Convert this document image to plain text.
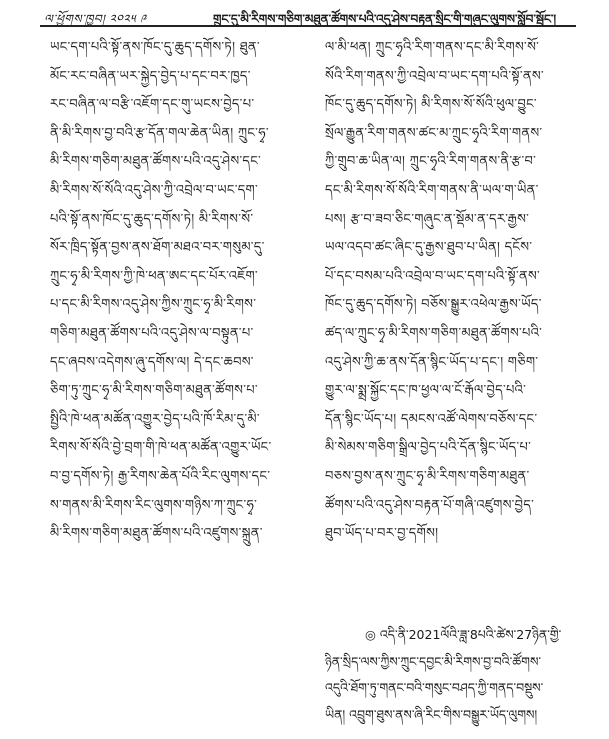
ལ་ཕྱོགས་ཁྱབ། ༢༠༢༥ ༩	གྲུང་དུ་མི་རིགས་གཅིག་མཐུན་ཚོགས་པའི་འདུ་ཤེས་བརྟན་སྲིང་གི་གཞུང་ལུགས་སློབ་སྦྱོང་།
ཡང་དག་པའི་སྟོ་ནས་ཁོང་དུ་ཆུད་དགོས་ཏེ། ཐུན་
མོང་རང་བཞིན་ཡར་སྐྱེད་བྱེད་པ་དང་བར་ཁྱད་
རང་བཞིན་ལ་བརྩི་འཇོག་དང་གུ་ཡངས་བྱེད་པ་
ནི་མི་རིགས་བྱ་བའི་རྩ་དོན་གལ་ཆེན་ཡིན། ཀྲུང་ཧྭ་
མི་རིགས་གཅིག་མཐུན་ཚོགས་པའི་འདུ་ཤེས་དང་
མི་རིགས་སོ་སོའི་འདུ་ཤེས་ཀྱི་འབྲེལ་བ་ཡང་དག་
པའི་སྟོ་ནས་ཁོང་དུ་ཆུད་དགོས་ཏེ། མི་རིགས་སོ་
སོར་ཁྲིད་སྟོན་བྱས་ནས་ཐོག་མཐའ་བར་གསུམ་དུ་
ཀྲུང་ཧྭ་མི་རིགས་ཀྱི་ཁེ་ཕན་ཨང་དང་པོར་འཇོག་
པ་དང་མི་རིགས་འདུ་ཤེས་ཀྱིས་ཀྲུང་ཧྭ་མི་རིགས་
གཅིག་མཐུན་ཚོགས་པའི་འདུ་ཤེས་ལ་བསྟུན་པ་
དང་ཞབས་འདེགས་ཞུ་དགོས་ལ། དེ་དང་ཆབས་
ཅིག་ཏུ་ཀྲུང་ཧྭ་མི་རིགས་གཅིག་མཐུན་ཚོགས་པ་
སྤྱིའི་ཁེ་ཕན་མཚོན་འགྱུར་བྱེད་པའི་ཁོ་རིམ་དུ་མི་
རིགས་སོ་སོའི་བྱེ་བྲག་གི་ཁེ་ཕན་མཚོན་འགྱུར་ཡོང་
བ་བྱ་དགོས་ཏེ། རྒྱ་རིགས་ཆེན་པོའི་རིང་ལུགས་དང་
ས་གནས་མི་རིགས་རིང་ལུགས་གཉིས་ཀ་ཀྲུང་ཧྭ་
མི་རིགས་གཅིག་མཐུན་ཚོགས་པའི་འཛུགས་སྐྲུན་
ལ་མི་ཕན། ཀྲུང་ཧྭའི་རིག་གནས་དང་མི་རིགས་སོ་
སོའི་རིག་གནས་ཀྱི་འབྲེལ་བ་ཡང་དག་པའི་སྟོ་ནས་
ཁོང་དུ་ཆུད་དགོས་ཏེ། མི་རིགས་སོ་སོའི་ཕུལ་བྱུང་
སྲོལ་རྒྱུན་རིག་གནས་ཚང་མ་ཀྲུང་ཧྭའི་རིག་གནས་
ཀྱི་གྲུབ་ཆ་ཡིན་ལ། ཀྲུང་ཧྭའི་རིག་གནས་ནི་རྩ་བ་
དང་མི་རིགས་སོ་སོའི་རིག་གནས་ནི་ཡལ་ག་ཡིན་
པས། རྩ་བ་ཟབ་ཅིང་གཞུང་ན་སྡོམ་ན་དར་རྒྱས་
ཡལ་འདབ་ཚང་ཞིང་དུ་རྒྱས་ཐུབ་པ་ཡིན། དངོས་
པོ་དང་བསམ་པའི་འབྲེལ་བ་ཡང་དག་པའི་སྟོ་ནས་
ཁོང་དུ་ཆུད་དགོས་ཏེ། བཅོས་སྒྱུར་འཕེལ་རྒྱས་ཡོད་
ཚད་ལ་ཀྲུང་ཧྭ་མི་རིགས་གཅིག་མཐུན་ཚོགས་པའི་
འདུ་ཤེས་ཀྱི་ཆ་ནས་དོན་སྙིང་ཡོད་པ་དང་། གཅིག་
གྱུར་ལ་སྨྲ་སྐྱོང་དང་ཁ་ཕྱལ་ལ་ངོ་རྒོལ་བྱེད་པའི་
དོན་སྙིང་ཡོད་པ། དམངས་འཚོ་ལེགས་བཅོས་དང་
མི་སེམས་གཅིག་སྒྲིལ་བྱེད་པའི་དོན་སྙིང་ཡོད་པ་
བཅས་བྱས་ནས་ཀྲུང་ཧྭ་མི་རིགས་གཅིག་མཐུན་
ཚོགས་པའི་འདུ་ཤེས་བརྟན་པོ་གཞི་འཛུགས་བྱེད་
ཐུབ་ཡོད་པ་བར་བྱ་དགོས།
◎ འདི་ནི་2021ལོའི་ཟླ་8པའི་ཚེས་27ཉིན་གྱི་
ཉིན་སྲིད་ལས་ཀྱིས་ཀྲུང་དབྱང་མི་རིགས་བྱ་བའི་ཚོགས་
འདུའི་ཐོག་ཏུ་གནང་བའི་གསུང་བཤད་ཀྱི་གནད་བསྡུས་
ཡིན། འབྲུག་ཐུས་ནས་ཞི་རིང་གིས་བསྒྱུར་ཡོད་ལུགས།
